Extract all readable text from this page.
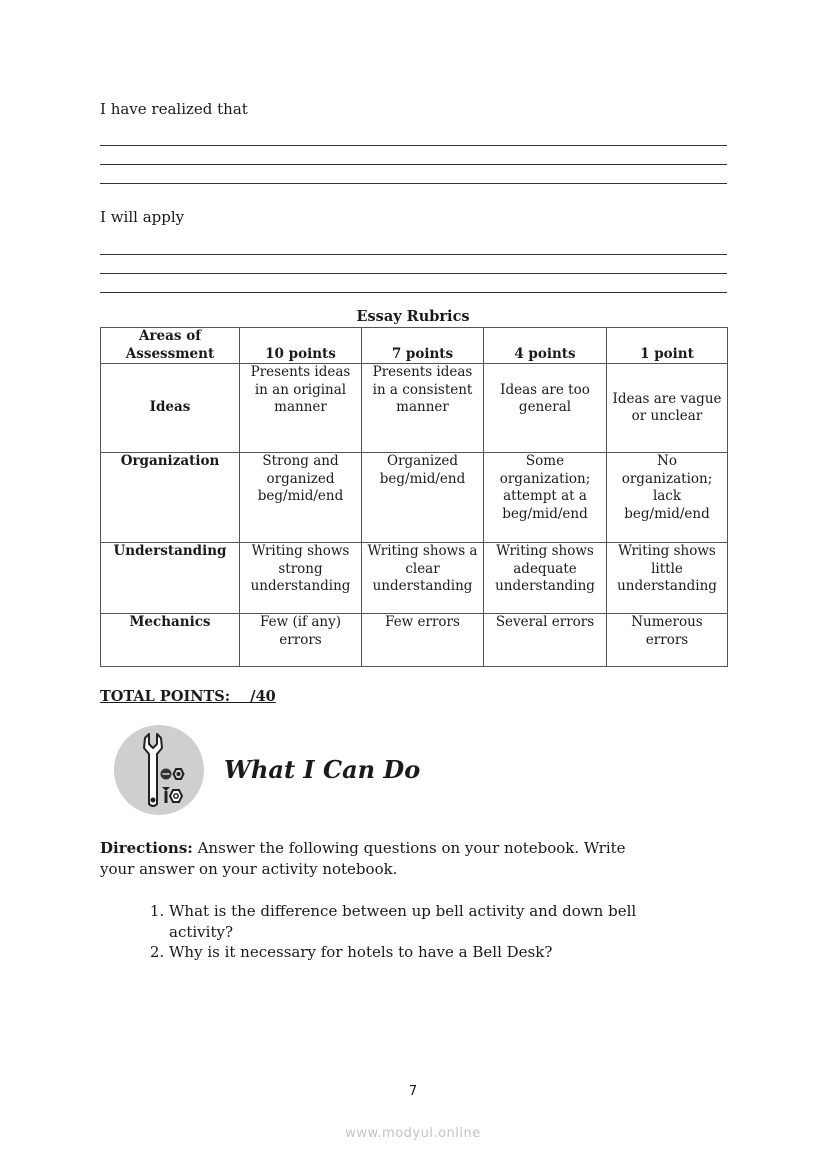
I have realized that
I will apply
Essay Rubrics
Areas of Assessment	10 points	7 points	4 points	1 point
Ideas	Presents ideas in an original manner	Presents ideas in a consistent manner	Ideas are too general	Ideas are vague or unclear
Organization	Strong and organized beg/mid/end	Organized beg/mid/end	Some organization; attempt at a beg/mid/end	No organization; lack beg/mid/end
Understanding	Writing shows strong understanding	Writing shows a clear understanding	Writing shows adequate understanding	Writing shows little understanding
Mechanics	Few (if any) errors	Few errors	Several errors	Numerous errors
TOTAL POINTS:    /40
What I Can Do
Directions: Answer the following questions on your notebook. Write your answer on your activity notebook.
1. What is the difference between up bell activity and down bell activity?
2. Why is it necessary for hotels to have a Bell Desk?
7
www.modyul.online
